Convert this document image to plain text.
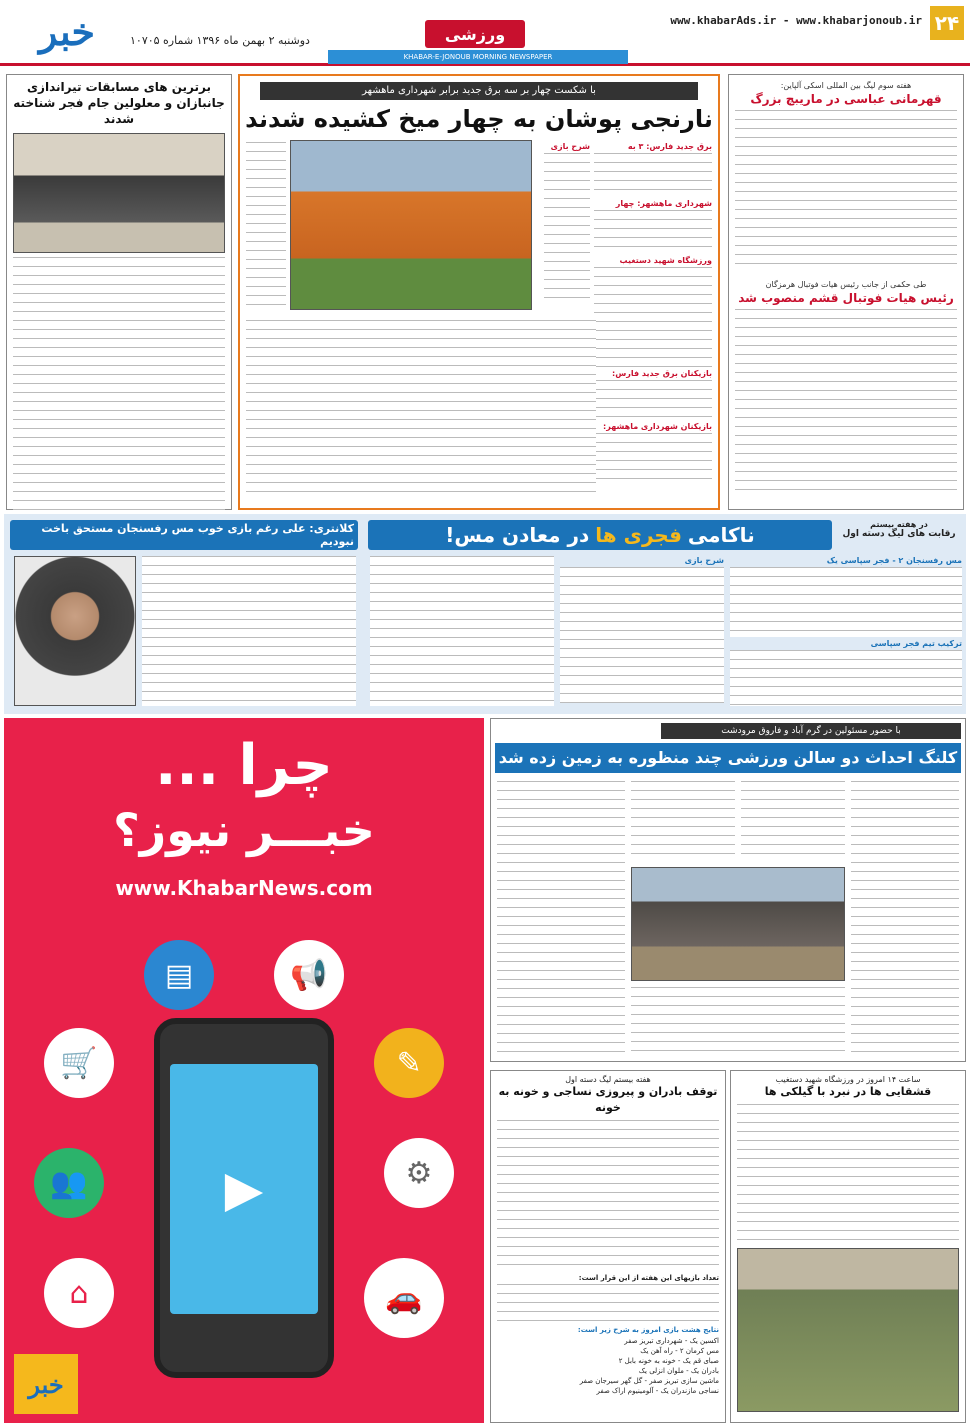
۲۴
www.khabarAds.ir - www.khabarjonoub.ir
ورزشی
KHABAR-E-JONOUB MORNING NEWSPAPER
دوشنبه ۲ بهمن ماه ۱۳۹۶ شماره ۱۰۷۰۵
خبر
برترین های مسابقات تیراندازی جانبازان و معلولین جام فجر شناخته شدند
با شکست چهار بر سه برق جدید برابر شهرداری ماهشهر
نارنجی پوشان به چهار میخ کشیده شدند
برق جدید فارس: ۳ به
شهرداری ماهشهر: چهار
ورزشگاه شهید دستغیب
بازیکنان برق جدید فارس:
بازیکنان شهرداری ماهشهر:
شرح بازی
هفته سوم لیگ بین المللی اسکی آلپاین:
قهرمانی عباسی در ماریبچ بزرگ
طی حکمی از جانب رئیس هیات فوتبال هرمزگان
رئیس هیات فوتبال قشم منصوب شد
کلانتری: علی رغم بازی خوب مس رفسنجان مستحق باخت نبودیم	ناکامی
فجری ها
در معادن مس!	در هفته بیستم
رقابت های لیگ دسته اول
مس رفسنجان ۲ - فجر سپاسی یک
ترکیب تیم فجر سپاسی
شرح بازی
چرا ...
خبـــر نیوز؟
www.KhabarNews.com
▤	📢
🛒	✎
👥	⚙
⌂	🚗
▶
خبر
با حضور مسئولین در گرم آباد و فاروق مرودشت
کلنگ احداث دو سالن ورزشی چند منظوره به زمین زده شد
هفته بیستم لیگ دسته اول
توقف بادران و پیروزی نساجی و خونه به خونه
تعداد بازیهای این هفته از این قرار است:
نتایج هشت بازی امروز به شرح زیر است:
اکسین یک - شهرداری تبریز صفر
مس کرمان ۲ - راه آهن یک
صبای قم یک - خونه به خونه بابل ۲
بادران یک - ملوان انزلی یک
ماشین سازی تبریز صفر - گل گهر سیرجان صفر
نساجی مازندران یک - آلومینیوم اراک صفر
ساعت ۱۴ امروز در ورزشگاه شهید دستغیب
قشقایی ها در نبرد با گیلکی ها
